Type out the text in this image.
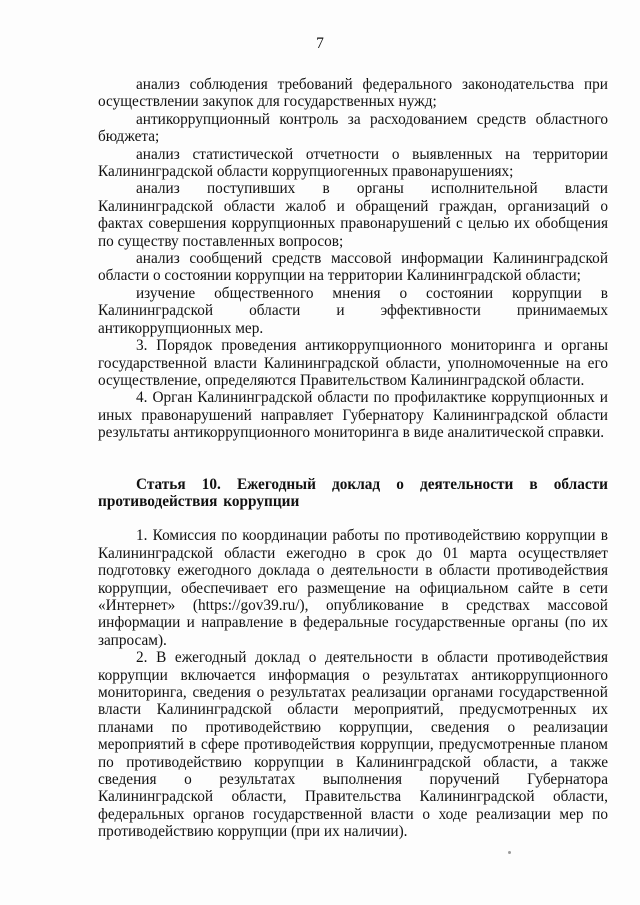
7

анализ соблюдения требований федерального законодательства при осуществлении закупок для государственных нужд;

антикоррупционный контроль за расходованием средств областного бюджета;

анализ статистической отчетности о выявленных на территории Калининградской области коррупциогенных правонарушениях;

анализ поступивших в органы исполнительной власти Калининградской области жалоб и обращений граждан, организаций о фактах совершения коррупционных правонарушений с целью их обобщения по существу поставленных вопросов;

анализ сообщений средств массовой информации Калининградской области о состоянии коррупции на территории Калининградской области;

изучение общественного мнения о состоянии коррупции в Калининградской области и эффективности принимаемых антикоррупционных мер.

3. Порядок проведения антикоррупционного мониторинга и органы государственной власти Калининградской области, уполномоченные на его осуществление, определяются Правительством Калининградской области.

4. Орган Калининградской области по профилактике коррупционных и иных правонарушений направляет Губернатору Калининградской области результаты антикоррупционного мониторинга в виде аналитической справки.

Статья 10. Ежегодный доклад о деятельности в области противодействия коррупции

1. Комиссия по координации работы по противодействию коррупции в Калининградской области ежегодно в срок до 01 марта осуществляет подготовку ежегодного доклада о деятельности в области противодействия коррупции, обеспечивает его размещение на официальном сайте в сети «Интернет» (https://gov39.ru/), опубликование в средствах массовой информации и направление в федеральные государственные органы (по их запросам).

2. В ежегодный доклад о деятельности в области противодействия коррупции включается информация о результатах антикоррупционного мониторинга, сведения о результатах реализации органами государственной власти Калининградской области мероприятий, предусмотренных их планами по противодействию коррупции, сведения о реализации мероприятий в сфере противодействия коррупции, предусмотренные планом по противодействию коррупции в Калининградской области, а также сведения о результатах выполнения поручений Губернатора Калининградской области, Правительства Калининградской области, федеральных органов государственной власти о ходе реализации мер по противодействию коррупции (при их наличии).
